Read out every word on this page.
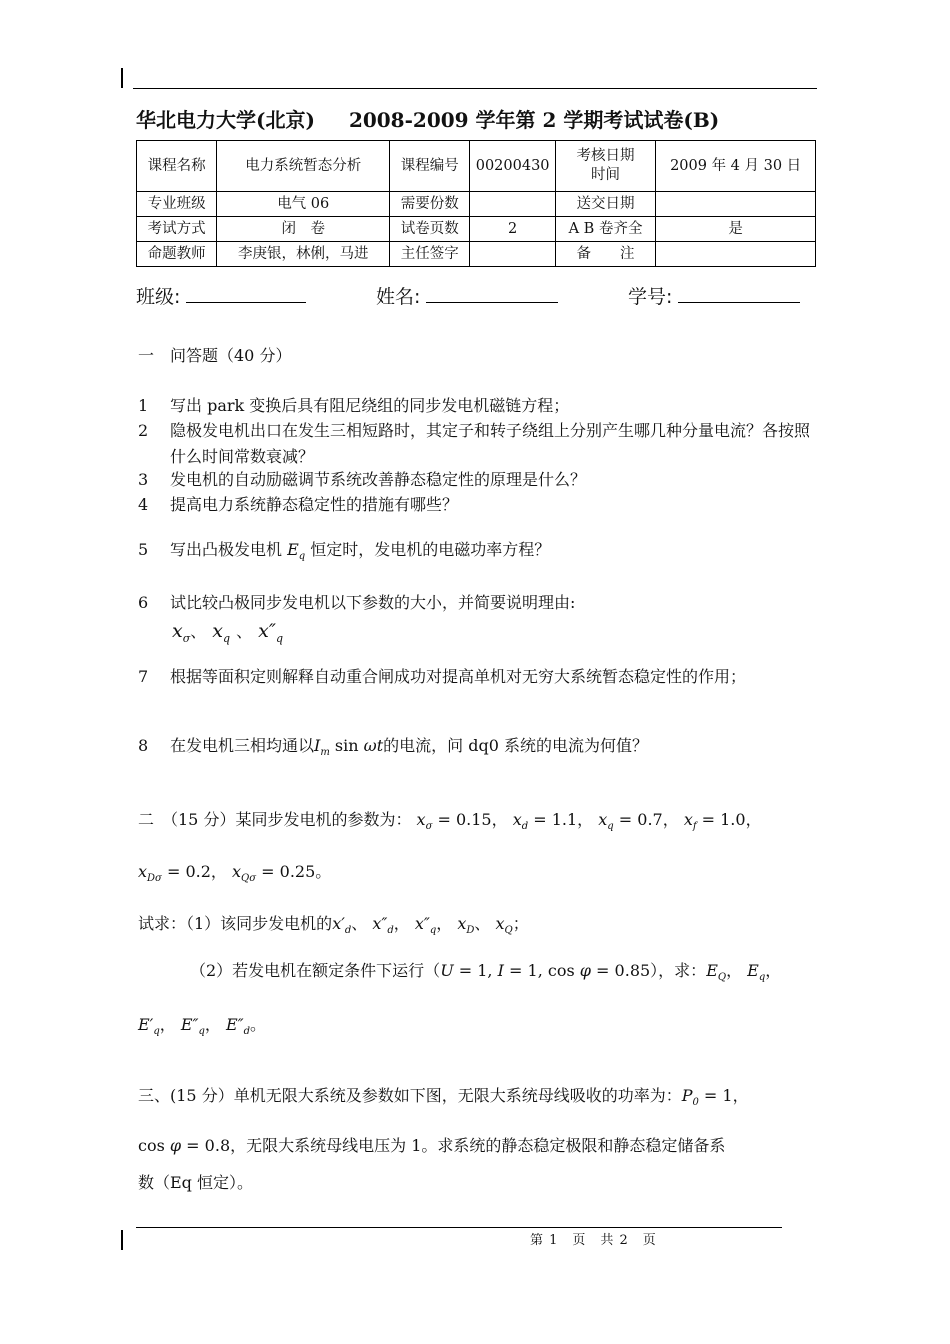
华北电力大学(北京) 2008-2009 学年第 2 学期考试试卷(B)
课程名称	电力系统暂态分析	课程编号	00200430	考核日期时间	2009 年 4 月 30 日
专业班级	电气 06	需要份数		送交日期	
考试方式	闭　卷	试卷页数	2	A B 卷齐全	是
命题教师	李庚银，林俐，马进	主任签字		备　　注	
班级:	姓名:	学号:
一　问答题（40 分）
1 写出 park 变换后具有阻尼绕组的同步发电机磁链方程；
2 隐极发电机出口在发生三相短路时，其定子和转子绕组上分别产生哪几种分量电流？各按照什么时间常数衰减？
3 发电机的自动励磁调节系统改善静态稳定性的原理是什么？
4 提高电力系统静态稳定性的措施有哪些？
5 写出凸极发电机 $E_q$ 恒定时，发电机的电磁功率方程？
6 试比较凸极同步发电机以下参数的大小，并简要说明理由:
$x_\sigma$、 $x_q$ 、 $x''_q$
7 根据等面积定则解释自动重合闸成功对提高单机对无穷大系统暂态稳定性的作用；
8 在发电机三相均通以$I_m$ sin ωt的电流，问 dq0 系统的电流为何值？
二　（15 分）某同步发电机的参数为： $x_\sigma = 0.15$， $x_d = 1.1$， $x_q = 0.7$， $x_f = 1.0$，
$x_{D\sigma} = 0.2$， $x_{Q\sigma} = 0.25$。
试求：（1）该同步发电机的$x'_d$、 $x''_d$， $x''_q$， $x_D$、 $x_Q$；
（2）若发电机在额定条件下运行（U = 1, I = 1, cos φ = 0.85），求：$E_Q$， $E_q$，
$E'_q$， $E''_q$， $E''_d$。
三、(15 分）单机无限大系统及参数如下图，无限大系统母线吸收的功率为：$P_0 = 1$，
cos φ = 0.8，无限大系统母线电压为 1。求系统的静态稳定极限和静态稳定储备系
数（Eq 恒定）。
第 1　页　共 2　页
